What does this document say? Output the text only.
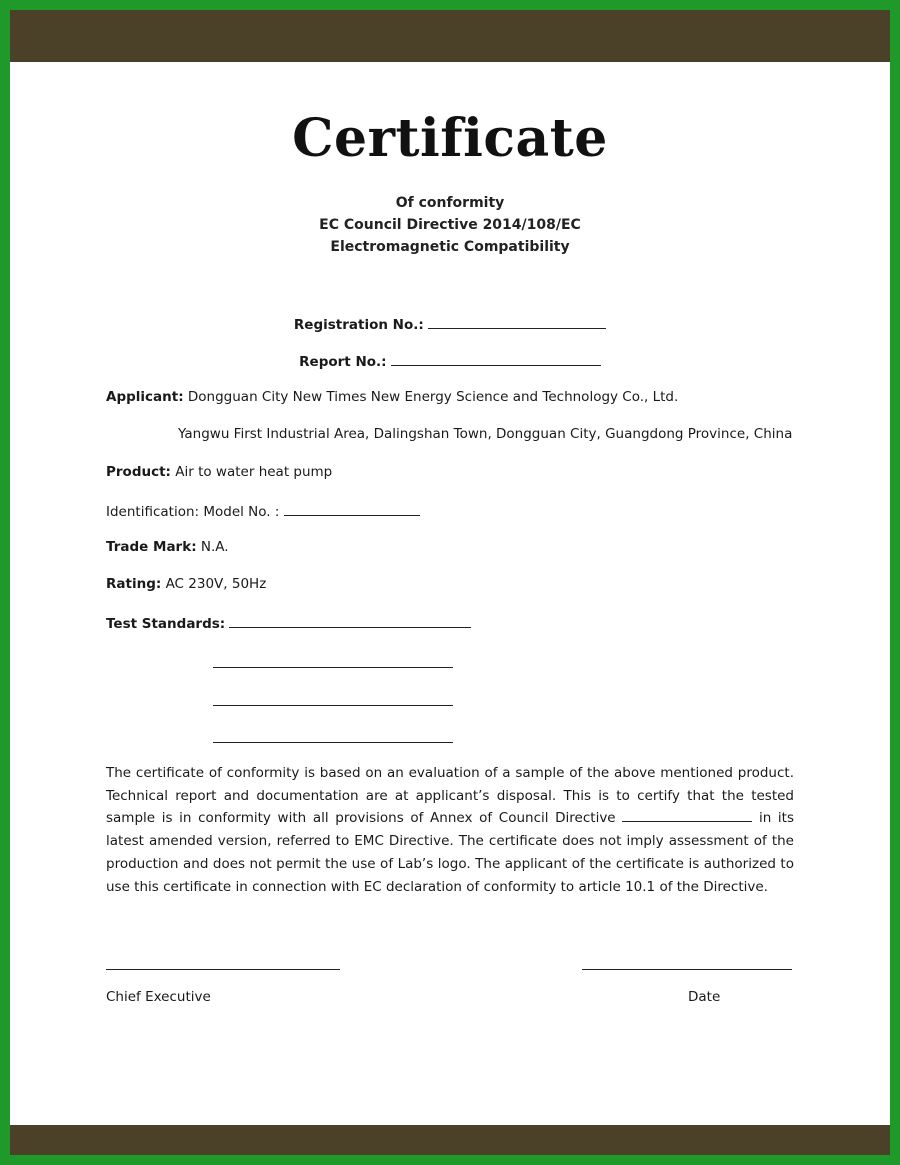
Certificate
Of conformity
EC Council Directive 2014/108/EC
Electromagnetic Compatibility
Registration No.:
Report No.:
Applicant: Dongguan City New Times New Energy Science and Technology Co., Ltd.
Yangwu First Industrial Area, Dalingshan Town, Dongguan City, Guangdong Province, China
Product: Air to water heat pump
Identification: Model No. :
Trade Mark: N.A.
Rating: AC 230V, 50Hz
Test Standards:
The certificate of conformity is based on an evaluation of a sample of the above mentioned product. Technical report and documentation are at applicant’s disposal. This is to certify that the tested sample is in conformity with all provisions of Annex of Council Directive	in its latest amended version, referred to EMC Directive. The certificate does not imply assessment of the production and does not permit the use of Lab’s logo. The applicant of the certificate is authorized to use this certificate in connection with EC declaration of conformity to article 10.1 of the Directive.
Chief Executive	Date
